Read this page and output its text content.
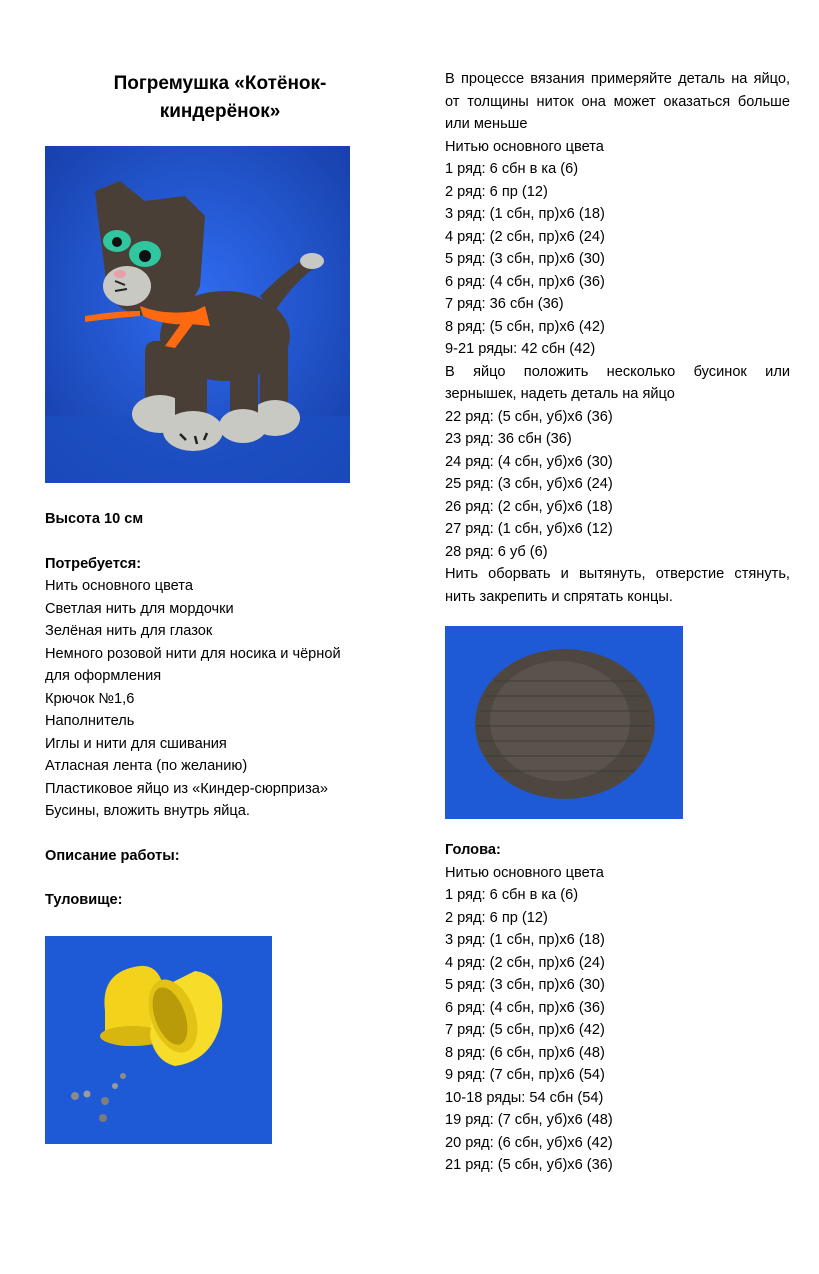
Погремушка «Котёнок-
киндерёнок»

Высота 10 см

Потребуется:

Нить основного цвета
Светлая нить для мордочки
Зелёная нить для глазок
Немного розовой нити для носика и чёрной
для оформления
Крючок №1,6
Наполнитель
Иглы и нити для сшивания
Атласная лента (по желанию)
Пластиковое яйцо из «Киндер-сюрприза»
Бусины, вложить внутрь яйца.

Описание работы:

Туловище:

В процессе вязания примеряйте деталь на яйцо, от толщины ниток она может оказаться больше или меньше

Нитью основного цвета

1 ряд: 6 сбн в ка (6)
2 ряд: 6 пр (12)
3 ряд: (1 сбн, пр)х6 (18)
4 ряд: (2 сбн, пр)х6 (24)
5 ряд: (3 сбн, пр)х6 (30)
6 ряд: (4 сбн, пр)х6 (36)
7 ряд: 36 сбн (36)
8 ряд: (5 сбн, пр)х6 (42)
9-21 ряды: 42 сбн (42)

В яйцо положить несколько бусинок или зернышек, надеть деталь на яйцо

22 ряд: (5 сбн, уб)х6 (36)
23 ряд: 36 сбн (36)
24 ряд: (4 сбн, уб)х6 (30)
25 ряд: (3 сбн, уб)х6 (24)
26 ряд: (2 сбн, уб)х6 (18)
27 ряд: (1 сбн, уб)х6 (12)
28 ряд: 6 уб (6)

Нить оборвать и вытянуть, отверстие стянуть, нить закрепить и спрятать концы.

Голова:

Нитью основного цвета

1 ряд: 6 сбн в ка (6)
2 ряд: 6 пр (12)
3 ряд: (1 сбн, пр)х6 (18)
4 ряд: (2 сбн, пр)х6 (24)
5 ряд: (3 сбн, пр)х6 (30)
6 ряд: (4 сбн, пр)х6 (36)
7 ряд: (5 сбн, пр)х6 (42)
8 ряд: (6 сбн, пр)х6 (48)
9 ряд: (7 сбн, пр)х6 (54)
10-18 ряды: 54 сбн (54)
19 ряд: (7 сбн, уб)х6 (48)
20 ряд: (6 сбн, уб)х6 (42)
21 ряд: (5 сбн, уб)х6 (36)
